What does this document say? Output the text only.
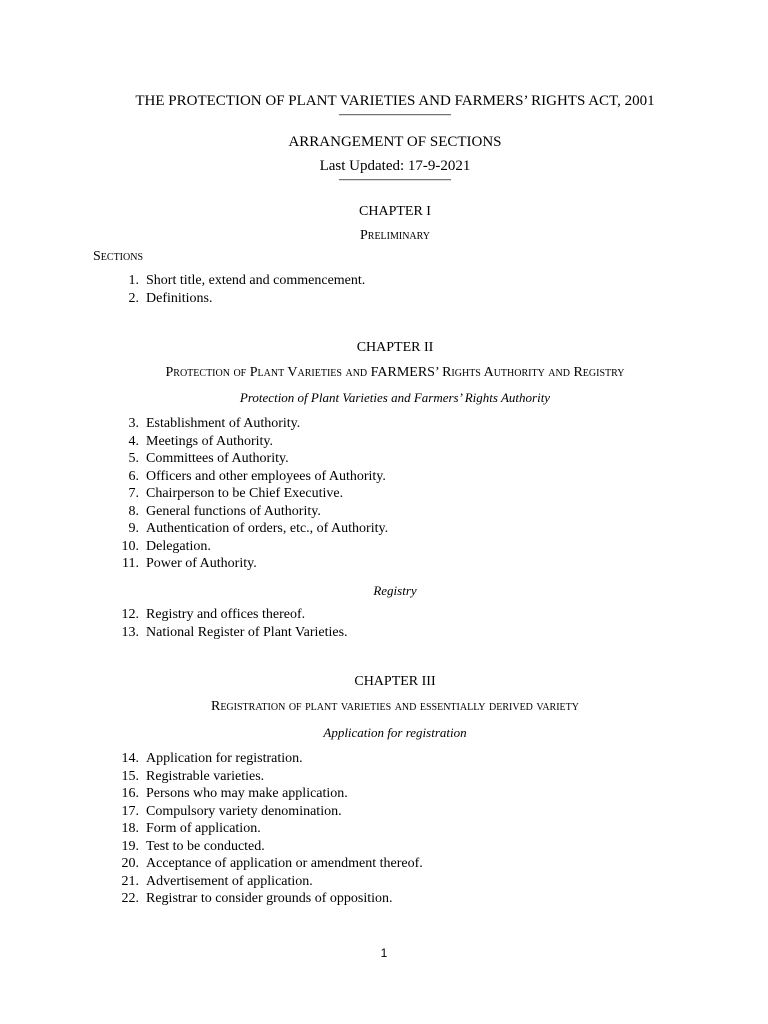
THE PROTECTION OF PLANT VARIETIES AND FARMERS’ RIGHTS ACT, 2001
————————
ARRANGEMENT OF SECTIONS
Last Updated: 17-9-2021
————————
CHAPTER I
Preliminary
Sections
1. Short title, extend and commencement.
2. Definitions.
CHAPTER II
Protection of Plant Varieties and FARMERS’ Rights Authority and Registry
Protection of Plant Varieties and Farmers’ Rights Authority
3. Establishment of Authority.
4. Meetings of Authority.
5. Committees of Authority.
6. Officers and other employees of Authority.
7. Chairperson to be Chief Executive.
8. General functions of Authority.
9. Authentication of orders, etc., of Authority.
10. Delegation.
11. Power of Authority.
Registry
12. Registry and offices thereof.
13. National Register of Plant Varieties.
CHAPTER III
Registration of plant varieties and essentially derived variety
Application for registration
14. Application for registration.
15. Registrable varieties.
16. Persons who may make application.
17. Compulsory variety denomination.
18. Form of application.
19. Test to be conducted.
20. Acceptance of application or amendment thereof.
21. Advertisement of application.
22. Registrar to consider grounds of opposition.
1
